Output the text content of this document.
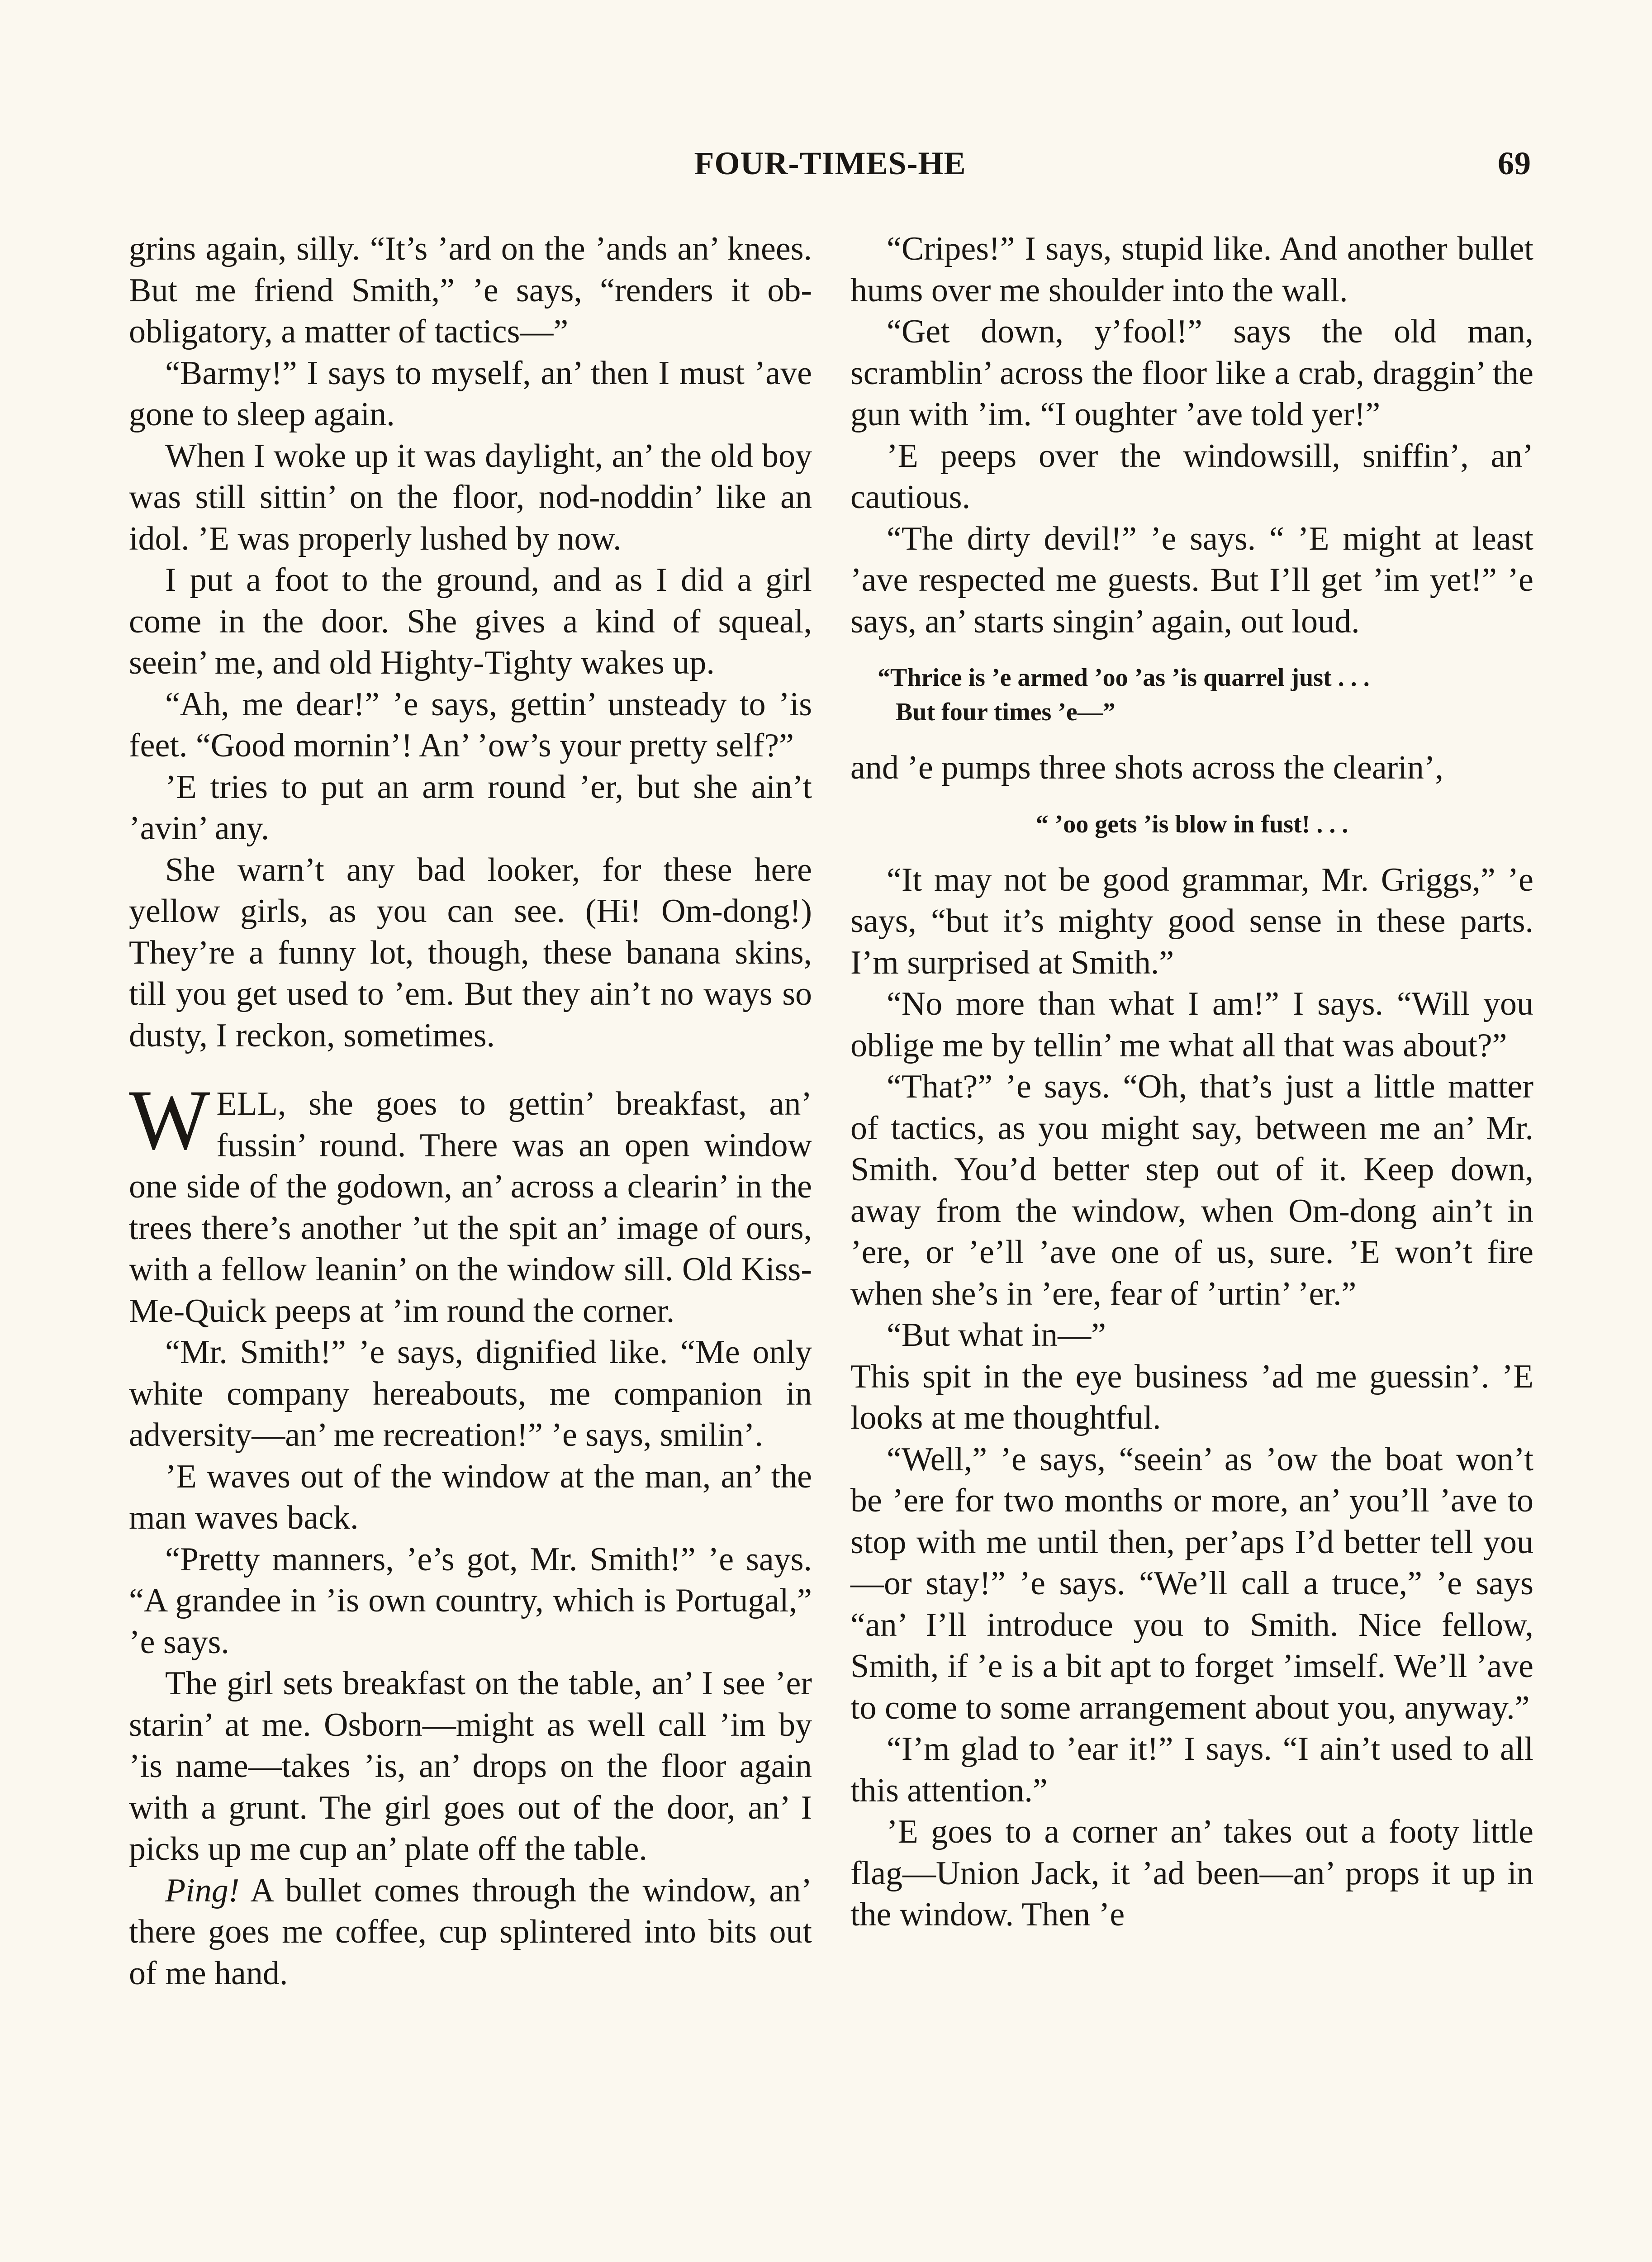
FOUR-TIMES-HE	69

grins again, silly. “It’s ’ard on the ’ands an’ knees. But me friend Smith,” ’e says, “renders it ob-obligatory, a matter of tactics—”

“Barmy!” I says to myself, an’ then I must ’ave gone to sleep again.

When I woke up it was daylight, an’ the old boy was still sittin’ on the floor, nod-noddin’ like an idol. ’E was properly lushed by now.

I put a foot to the ground, and as I did a girl come in the door. She gives a kind of squeal, seein’ me, and old Highty-Tighty wakes up.

“Ah, me dear!” ’e says, gettin’ unsteady to ’is feet. “Good mornin’! An’ ’ow’s your pretty self?”

’E tries to put an arm round ’er, but she ain’t ’avin’ any.

She warn’t any bad looker, for these here yellow girls, as you can see. (Hi! Om-dong!) They’re a funny lot, though, these banana skins, till you get used to ’em. But they ain’t no ways so dusty, I reckon, sometimes.

WELL, she goes to gettin’ breakfast, an’ fussin’ round. There was an open window one side of the godown, an’ across a clearin’ in the trees there’s another ’ut the spit an’ image of ours, with a fellow leanin’ on the window sill. Old Kiss-Me-Quick peeps at ’im round the corner.

“Mr. Smith!” ’e says, dignified like. “Me only white company hereabouts, me companion in adversity—an’ me recreation!” ’e says, smilin’.

’E waves out of the window at the man, an’ the man waves back.

“Pretty manners, ’e’s got, Mr. Smith!” ’e says. “A grandee in ’is own country, which is Portugal,” ’e says.

The girl sets breakfast on the table, an’ I see ’er starin’ at me. Osborn—might as well call ’im by ’is name—takes ’is, an’ drops on the floor again with a grunt. The girl goes out of the door, an’ I picks up me cup an’ plate off the table.

Ping! A bullet comes through the window, an’ there goes me coffee, cup splintered into bits out of me hand.

“Cripes!” I says, stupid like. And another bullet hums over me shoulder into the wall.

“Get down, y’fool!” says the old man, scramblin’ across the floor like a crab, draggin’ the gun with ’im. “I oughter ’ave told yer!”

’E peeps over the windowsill, sniffin’, an’ cautious.

“The dirty devil!” ’e says. “ ’E might at least ’ave respected me guests. But I’ll get ’im yet!” ’e says, an’ starts singin’ again, out loud.

“Thrice is ’e armed ’oo ’as ’is quarrel just . . .
But four times ’e—”

and ’e pumps three shots across the clearin’,

“ ’oo gets ’is blow in fust! . . .

“It may not be good grammar, Mr. Griggs,” ’e says, “but it’s mighty good sense in these parts. I’m surprised at Smith.”

“No more than what I am!” I says. “Will you oblige me by tellin’ me what all that was about?”

“That?” ’e says. “Oh, that’s just a little matter of tactics, as you might say, between me an’ Mr. Smith. You’d better step out of it. Keep down, away from the window, when Om-dong ain’t in ’ere, or ’e’ll ’ave one of us, sure. ’E won’t fire when she’s in ’ere, fear of ’urtin’ ’er.”

“But what in—”

This spit in the eye business ’ad me guessin’. ’E looks at me thoughtful.

“Well,” ’e says, “seein’ as ’ow the boat won’t be ’ere for two months or more, an’ you’ll ’ave to stop with me until then, per’aps I’d better tell you—or stay!” ’e says. “We’ll call a truce,” ’e says “an’ I’ll introduce you to Smith. Nice fellow, Smith, if ’e is a bit apt to forget ’imself. We’ll ’ave to come to some arrangement about you, anyway.”

“I’m glad to ’ear it!” I says. “I ain’t used to all this attention.”

’E goes to a corner an’ takes out a footy little flag—Union Jack, it ’ad been—an’ props it up in the window. Then ’e
